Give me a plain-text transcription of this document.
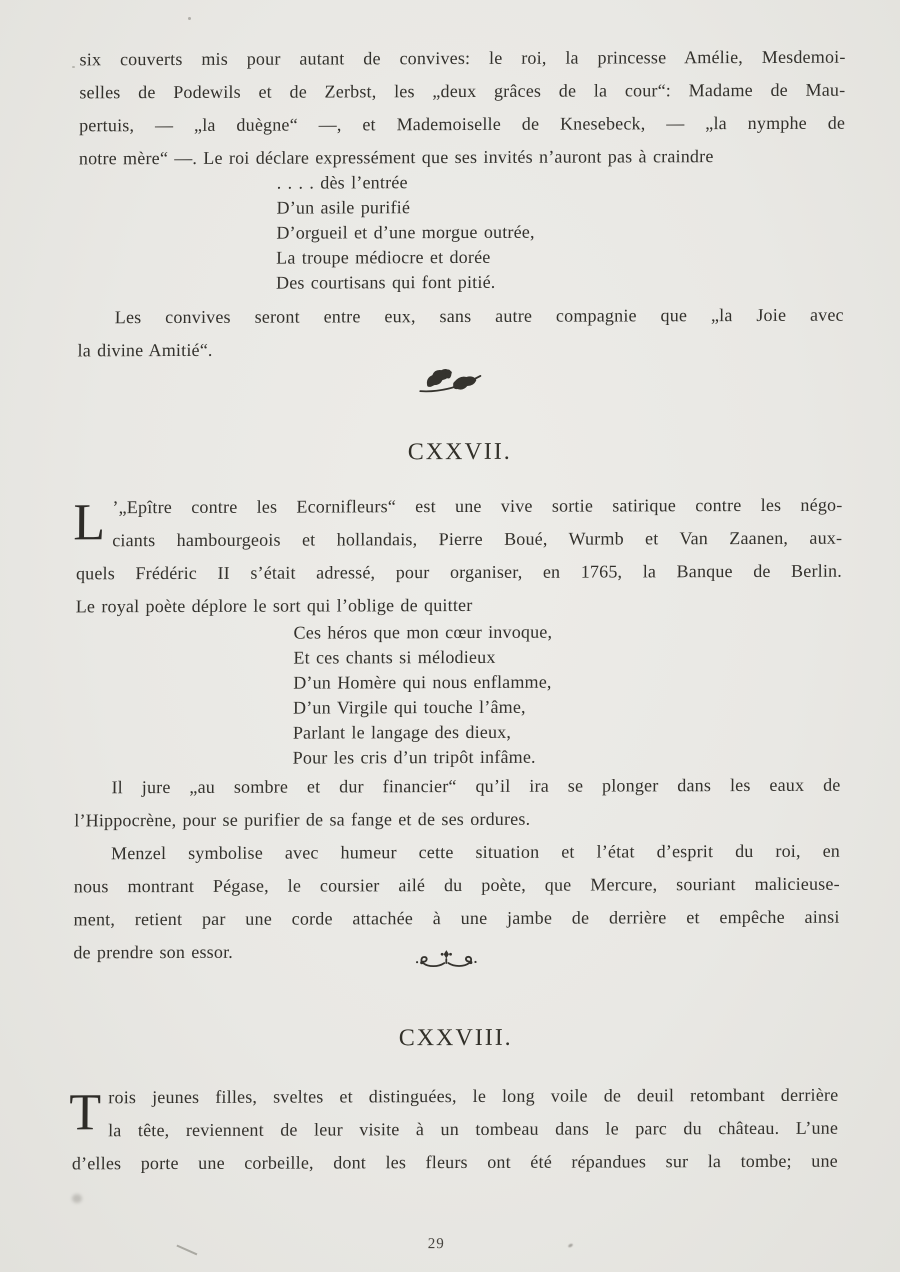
six couverts mis pour autant de convives: le roi, la princesse Amélie, Mesdemoi-
selles de Podewils et de Zerbst, les „deux grâces de la cour“: Madame de Mau-
pertuis, — „la duègne“ —, et Mademoiselle de Knesebeck, — „la nymphe de
notre mère“ —. Le roi déclare expressément que ses invités n’auront pas à craindre
. . . . dès l’entrée
D’un asile purifié
D’orgueil et d’une morgue outrée,
La troupe médiocre et dorée
Des courtisans qui font pitié.
Les convives seront entre eux, sans autre compagnie que „la Joie avec
la divine Amitié“.
CXXVII.
’„Epître contre les Ecornifleurs“ est une vive sortie satirique contre les négo-
ciants hambourgeois et hollandais, Pierre Boué, Wurmb et Van Zaanen, aux-
quels Frédéric II s’était adressé, pour organiser, en 1765, la Banque de Berlin.
Le royal poète déplore le sort qui l’oblige de quitter
L
Ces héros que mon cœur invoque,
Et ces chants si mélodieux
D’un Homère qui nous enflamme,
D’un Virgile qui touche l’âme,
Parlant le langage des dieux,
Pour les cris d’un tripôt infâme.
Il jure „au sombre et dur financier“ qu’il ira se plonger dans les eaux de
l’Hippocrène, pour se purifier de sa fange et de ses ordures.
Menzel symbolise avec humeur cette situation et l’état d’esprit du roi, en
nous montrant Pégase, le coursier ailé du poète, que Mercure, souriant malicieuse-
ment, retient par une corde attachée à une jambe de derrière et empêche ainsi
de prendre son essor.
CXXVIII.
rois jeunes filles, sveltes et distinguées, le long voile de deuil retombant derrière
la tête, reviennent de leur visite à un tombeau dans le parc du château. L’une
d’elles porte une corbeille, dont les fleurs ont été répandues sur la tombe; une
T
29
